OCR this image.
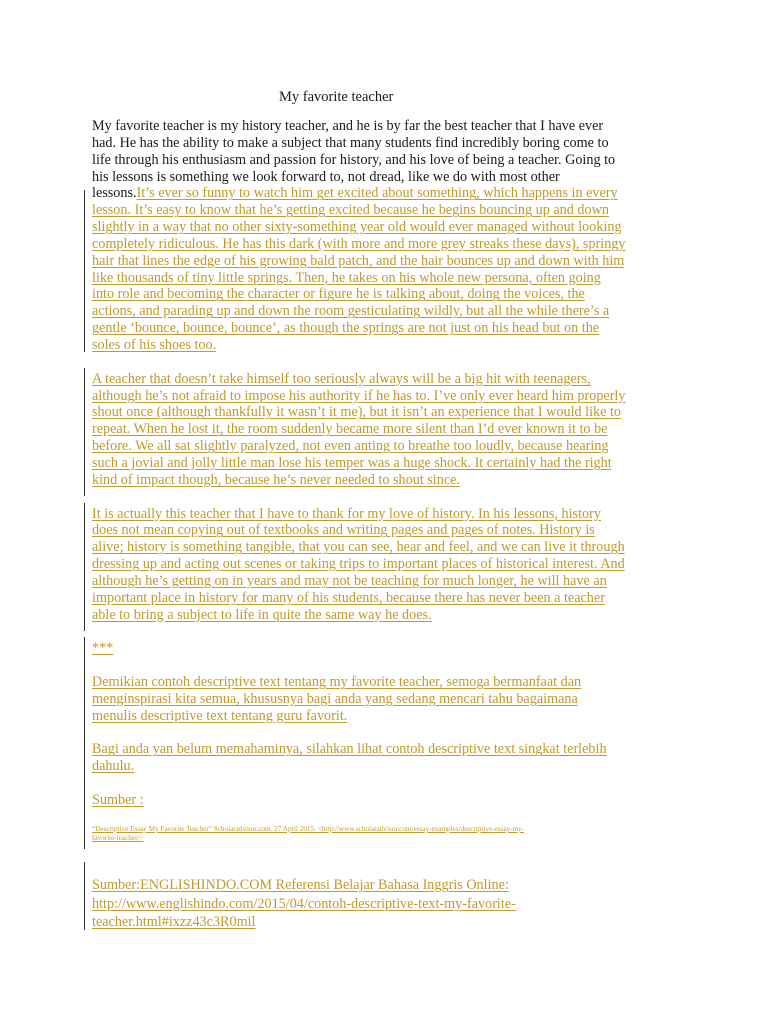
My favorite teacher
My favorite teacher is my history teacher, and he is by far the best teacher that I have ever
had. He has the ability to make a subject that many students find incredibly boring come to
life through his enthusiasm and passion for history, and his love of being a teacher. Going to
his lessons is something we look forward to, not dread, like we do with most other
lessons.It’s ever so funny to watch him get excited about something, which happens in every
lesson. It’s easy to know that he’s getting excited because he begins bouncing up and down
slightly in a way that no other sixty-something year old would ever managed without looking
completely ridiculous. He has this dark (with more and more grey streaks these days), springy
hair that lines the edge of his growing bald patch, and the hair bounces up and down with him
like thousands of tiny little springs. Then, he takes on his whole new persona, often going
into role and becoming the character or figure he is talking about, doing the voices, the
actions, and parading up and down the room gesticulating wildly, but all the while there’s a
gentle ‘bounce, bounce, bounce’, as though the springs are not just on his head but on the
soles of his shoes too.
A teacher that doesn’t take himself too seriously always will be a big hit with teenagers,
although he’s not afraid to impose his authority if he has to. I’ve only ever heard him properly
shout once (although thankfully it wasn’t it me), but it isn’t an experience that I would like to
repeat. When he lost it, the room suddenly became more silent than I’d ever known it to be
before. We all sat slightly paralyzed, not even anting to breathe too loudly, because hearing
such a jovial and jolly little man lose his temper was a huge shock. It certainly had the right
kind of impact though, because he’s never needed to shout since.
It is actually this teacher that I have to thank for my love of history. In his lessons, history
does not mean copying out of textbooks and writing pages and pages of notes. History is
alive; history is something tangible, that you can see, hear and feel, and we can live it through
dressing up and acting out scenes or taking trips to important places of historical interest. And
although he’s getting on in years and may not be teaching for much longer, he will have an
important place in history for many of his students, because there has never been a teacher
able to bring a subject to life in quite the same way he does.
***
Demikian contoh descriptive text tentang my favorite teacher, semoga bermanfaat dan
menginspirasi kita semua, khususnya bagi anda yang sedang mencari tahu bagaimana
menulis descriptive text tentang guru favorit.
Bagi anda yan belum memahaminya, silahkan lihat contoh descriptive text singkat terlebih
dahulu.
Sumber :
“Descriptive Essay My Favorite Teacher” Scholaradvisor.com. 27 April 2015. <http://www.scholaradvisor.com/essay-examples/descriptive-essay-my-
favorite-teacher/>
Sumber:ENGLISHINDO.COM Referensi Belajar Bahasa Inggris Online:
http://www.englishindo.com/2015/04/contoh-descriptive-text-my-favorite-
teacher.html#ixzz43c3R0mil
